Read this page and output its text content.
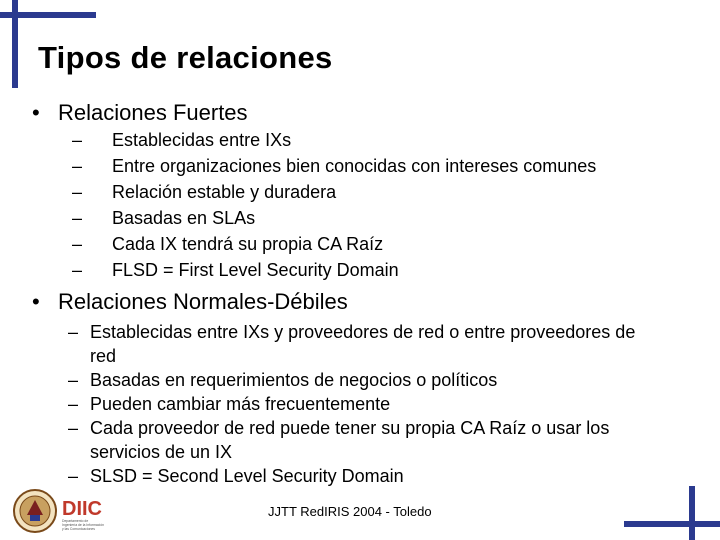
Tipos de relaciones
• Relaciones Fuertes
– Establecidas entre IXs
– Entre organizaciones bien conocidas con intereses comunes
– Relación estable y duradera
– Basadas en SLAs
– Cada IX tendrá su propia CA Raíz
– FLSD = First Level Security Domain
• Relaciones Normales-Débiles
– Establecidas entre IXs y proveedores de red o entre proveedores de red
– Basadas en requerimientos de negocios o políticos
– Pueden cambiar más frecuentemente
– Cada proveedor de red puede tener su propia CA Raíz o usar los servicios de un IX
– SLSD = Second Level Security Domain
DIIC
Departamento de Ingeniería de la Información y las Comunicaciones
JJTT RedIRIS 2004 - Toledo
